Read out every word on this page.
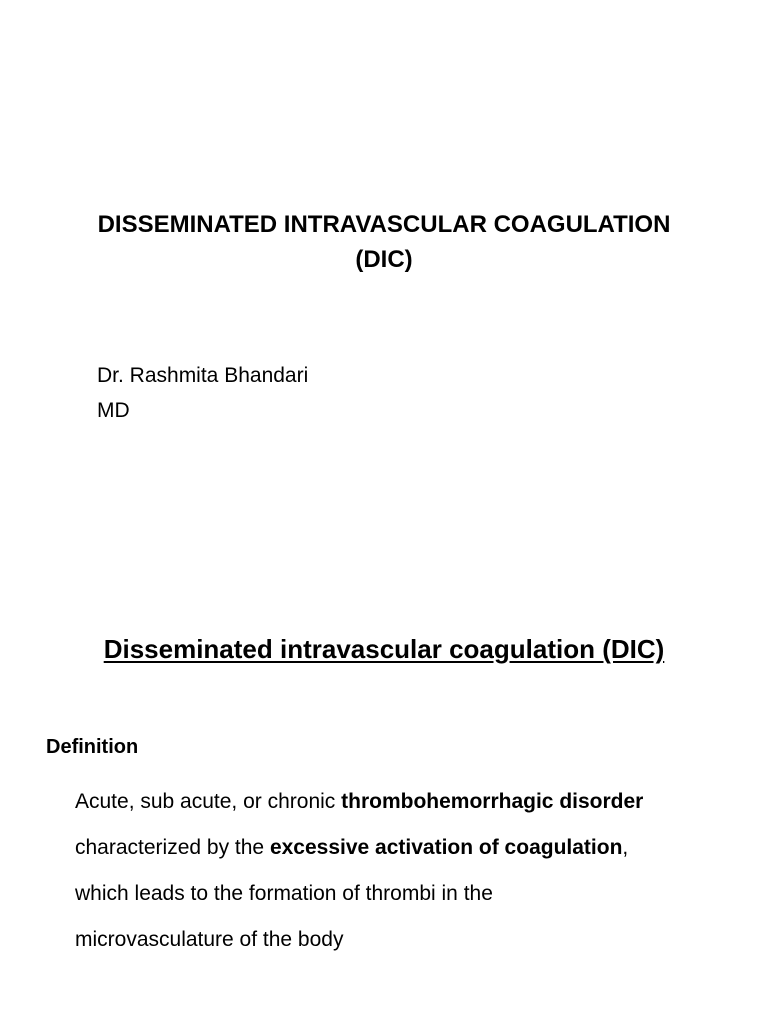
DISSEMINATED INTRAVASCULAR COAGULATION
(DIC)
Dr. Rashmita Bhandari
MD
Disseminated intravascular coagulation (DIC)
Definition

Acute, sub acute, or chronic thrombohemorrhagic disorder
characterized by the excessive activation of coagulation,
which leads to the formation of thrombi in the
microvasculature of the body
